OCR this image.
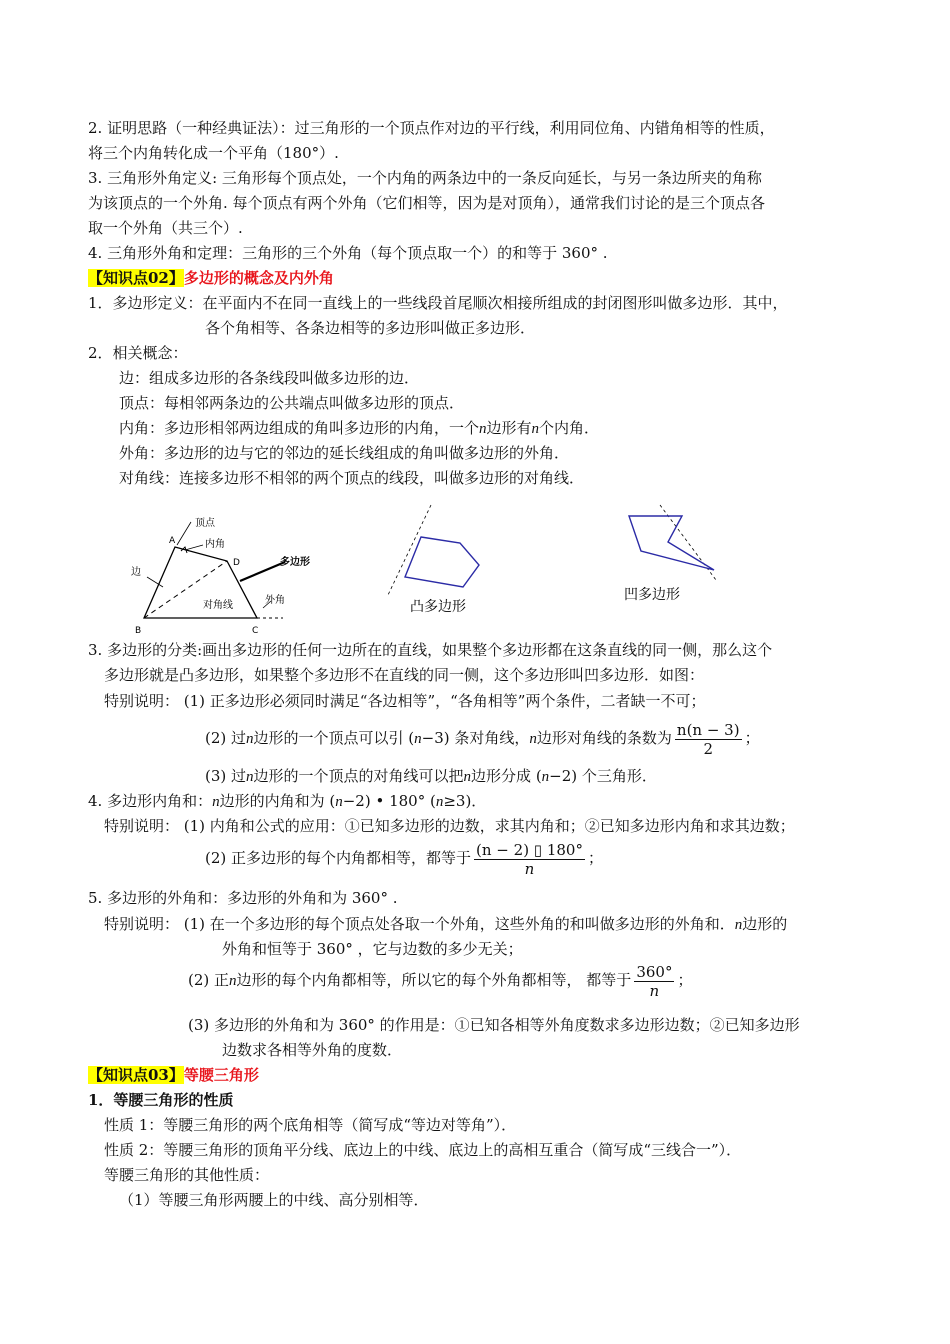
2. 证明思路（一种经典证法）：过三角形的一个顶点作对边的平行线，利用同位角、内错角相等的性质，
将三个内角转化成一个平角（180°）.
3. 三角形外角定义: 三角形每个顶点处，一个内角的两条边中的一条反向延长，与另一条边所夹的角称
为该顶点的一个外角. 每个顶点有两个外角（它们相等，因为是对顶角），通常我们讨论的是三个顶点各
取一个外角（共三个）.
4. 三角形外角和定理：三角形的三个外角（每个顶点取一个）的和等于 360° .
【知识点02】多边形的概念及内外角
1．多边形定义：在平面内不在同一直线上的一些线段首尾顺次相接所组成的封闭图形叫做多边形．其中，
各个角相等、各条边相等的多边形叫做正多边形．
2．相关概念：
边：组成多边形的各条线段叫做多边形的边．
顶点：每相邻两条边的公共端点叫做多边形的顶点．
内角：多边形相邻两边组成的角叫多边形的内角，一个n边形有n个内角．
外角：多边形的边与它的邻边的延长线组成的角叫做多边形的外角．
对角线：连接多边形不相邻的两个顶点的线段，叫做多边形的对角线．
顶点
内角
边
多边形
对角线	外角
A
D
B	C
凸多边形
凹多边形
3. 多边形的分类:画出多边形的任何一边所在的直线，如果整个多边形都在这条直线的同一侧，那么这个
多边形就是凸多边形，如果整个多边形不在直线的同一侧，这个多边形叫凹多边形．如图：
特别说明： (1) 正多边形必须同时满足“各边相等”，“各角相等”两个条件，二者缺一不可；
(2) 过n边形的一个顶点可以引 (n−3) 条对角线，n边形对角线的条数为 $\frac{n(n - 3)}{2}$ ；
(3) 过n边形的一个顶点的对角线可以把n边形分成 (n−2) 个三角形．
4. 多边形内角和：n边形的内角和为 (n−2) • 180° (n≥3)．
特别说明： (1) 内角和公式的应用：①已知多边形的边数，求其内角和；②已知多边形内角和求其边数；
(2) 正多边形的每个内角都相等，都等于 $\frac{(n - 2) ▯ 180^\circ}{n}$ ；
5. 多边形的外角和：多边形的外角和为 360° .
特别说明： (1) 在一个多边形的每个顶点处各取一个外角，这些外角的和叫做多边形的外角和．n边形的
外角和恒等于 360° ，它与边数的多少无关；
(2) 正n边形的每个内角都相等，所以它的每个外角都相等， 都等于 $\frac{360^\circ}{n}$ ；
(3) 多边形的外角和为 360° 的作用是：①已知各相等外角度数求多边形边数；②已知多边形
边数求各相等外角的度数．
【知识点03】等腰三角形
1．等腰三角形的性质
性质 1：等腰三角形的两个底角相等（简写成“等边对等角”）．
性质 2：等腰三角形的顶角平分线、底边上的中线、底边上的高相互重合（简写成“三线合一”）．
等腰三角形的其他性质：
（1）等腰三角形两腰上的中线、高分别相等．
